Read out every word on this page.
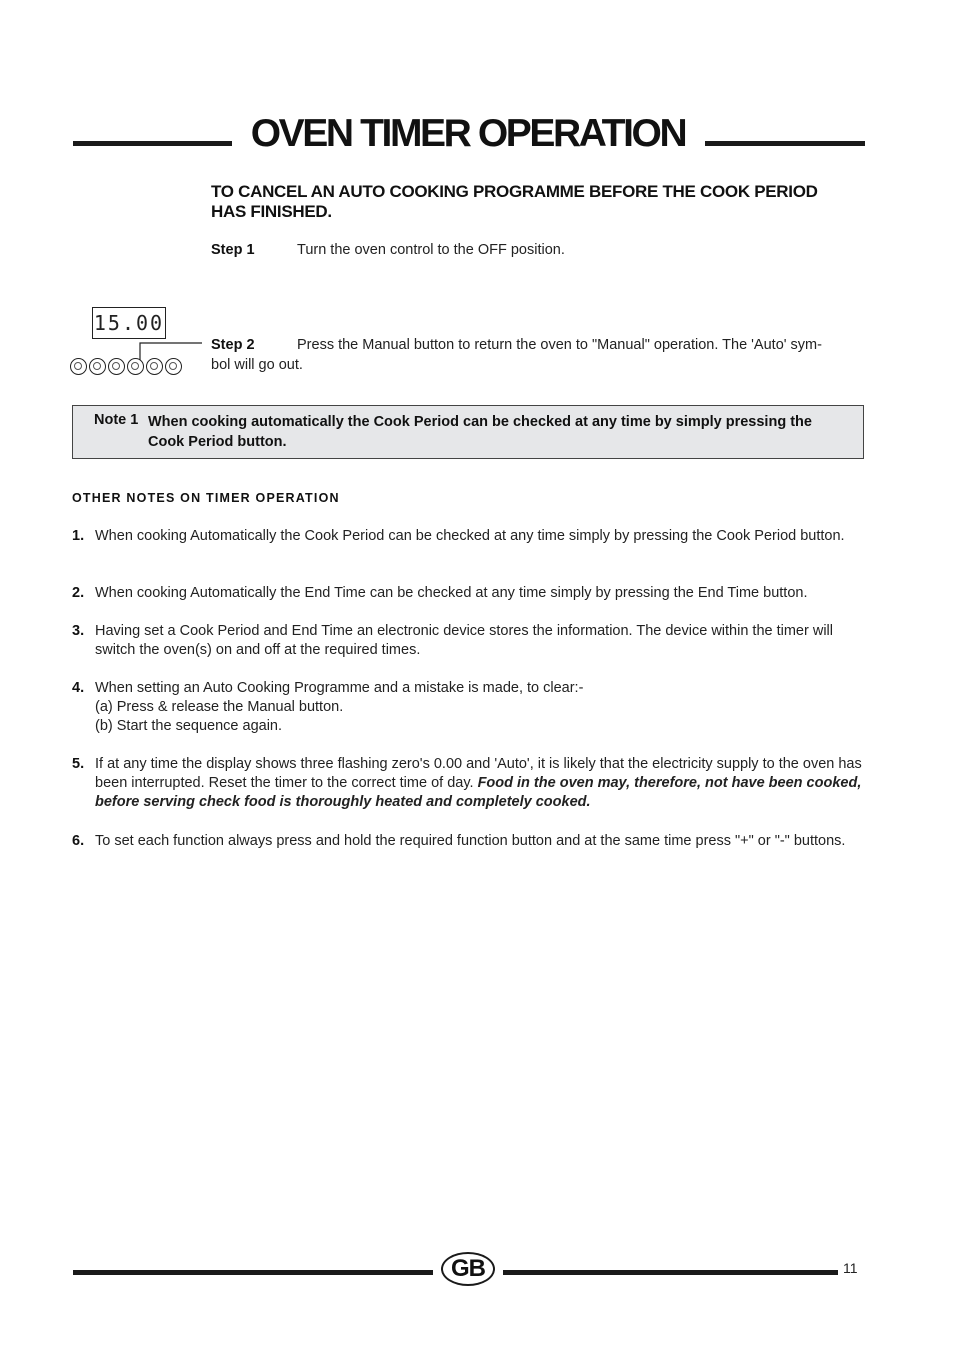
OVEN TIMER OPERATION
TO CANCEL AN AUTO COOKING PROGRAMME BEFORE THE COOK PERIOD HAS FINISHED.
Step 1	Turn the oven control to the OFF position.
15.00
Step 2	Press the Manual button to return the oven to "Manual" operation. The 'Auto' sym-
bol will go out.
Note 1 When cooking automatically the Cook Period can be checked at any time by simply pressing the Cook Period button.
OTHER NOTES ON TIMER OPERATION
1. When cooking Automatically the Cook Period can be checked at any time simply by pressing the Cook Period button.
2. When cooking Automatically the End Time can be checked at any time simply by pressing the End Time button.
3. Having set a Cook Period and End Time an electronic device stores the information. The device within the timer will switch the oven(s) on and off at the required times.
4. When setting an Auto Cooking Programme and a mistake is made, to clear:-
(a) Press & release the Manual button.
(b) Start the sequence again.
5. If at any time the display shows three flashing zero's 0.00 and 'Auto', it is likely that the electricity supply to the oven has been interrupted. Reset the timer to the correct time of day. Food in the oven may, therefore, not have been cooked, before serving check food is thoroughly heated and completely cooked.
6. To set each function always press and hold the required function button and at the same time press "+" or "-" buttons.
GB	11
